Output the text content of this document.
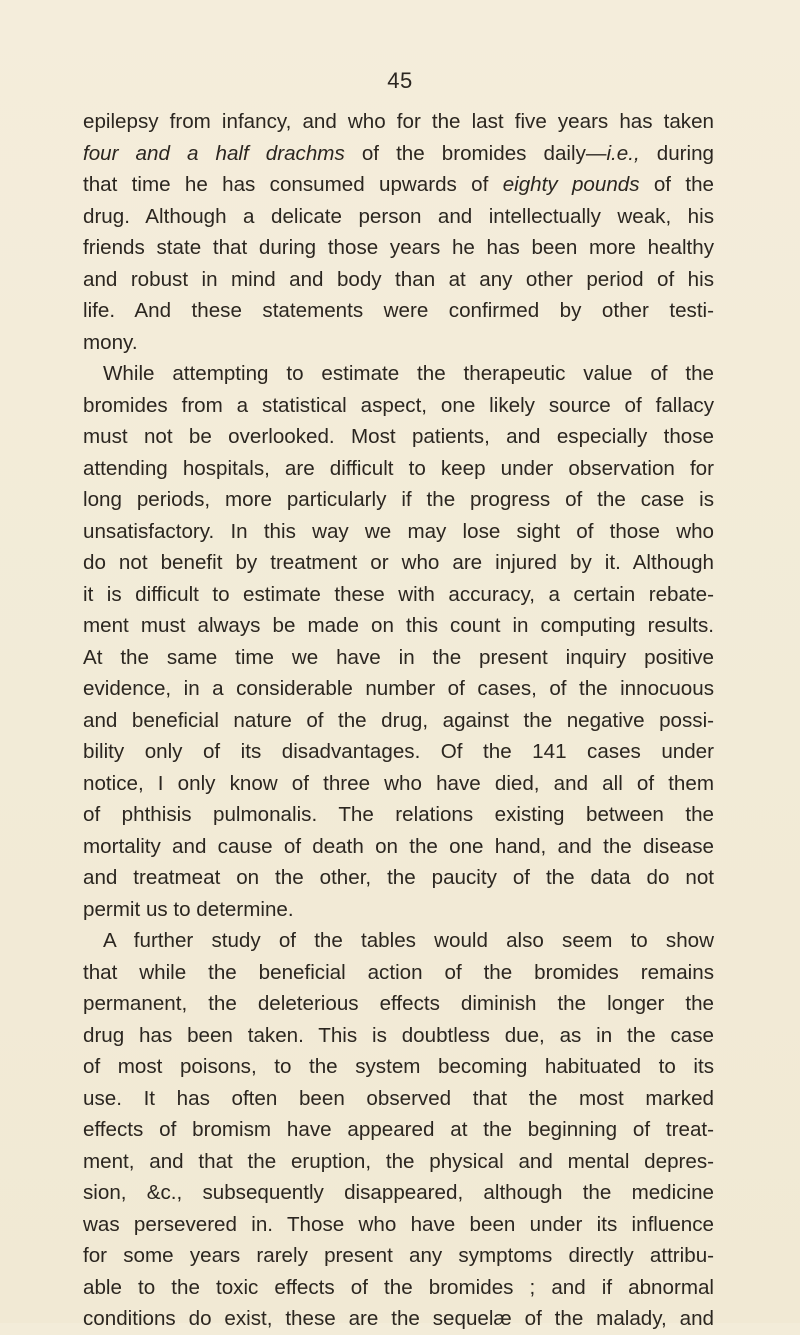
45
epilepsy from infancy, and who for the last five years has taken
four and a half drachms of the bromides daily—i.e., during
that time he has consumed upwards of eighty pounds of the
drug. Although a delicate person and intellectually weak, his
friends state that during those years he has been more healthy
and robust in mind and body than at any other period of his
life. And these statements were confirmed by other testi-
mony.
While attempting to estimate the therapeutic value of the
bromides from a statistical aspect, one likely source of fallacy
must not be overlooked. Most patients, and especially those
attending hospitals, are difficult to keep under observation for
long periods, more particularly if the progress of the case is
unsatisfactory. In this way we may lose sight of those who
do not benefit by treatment or who are injured by it. Although
it is difficult to estimate these with accuracy, a certain rebate-
ment must always be made on this count in computing results.
At the same time we have in the present inquiry positive
evidence, in a considerable number of cases, of the innocuous
and beneficial nature of the drug, against the negative possi-
bility only of its disadvantages. Of the 141 cases under
notice, I only know of three who have died, and all of them
of phthisis pulmonalis. The relations existing between the
mortality and cause of death on the one hand, and the disease
and treatmeat on the other, the paucity of the data do not
permit us to determine.
A further study of the tables would also seem to show
that while the beneficial action of the bromides remains
permanent, the deleterious effects diminish the longer the
drug has been taken. This is doubtless due, as in the case
of most poisons, to the system becoming habituated to its
use. It has often been observed that the most marked
effects of bromism have appeared at the beginning of treat-
ment, and that the eruption, the physical and mental depres-
sion, &c., subsequently disappeared, although the medicine
was persevered in. Those who have been under its influence
for some years rarely present any symptoms directly attribu-
able to the toxic effects of the bromides ; and if abnormal
conditions do exist, these are the sequelæ of the malady, and
